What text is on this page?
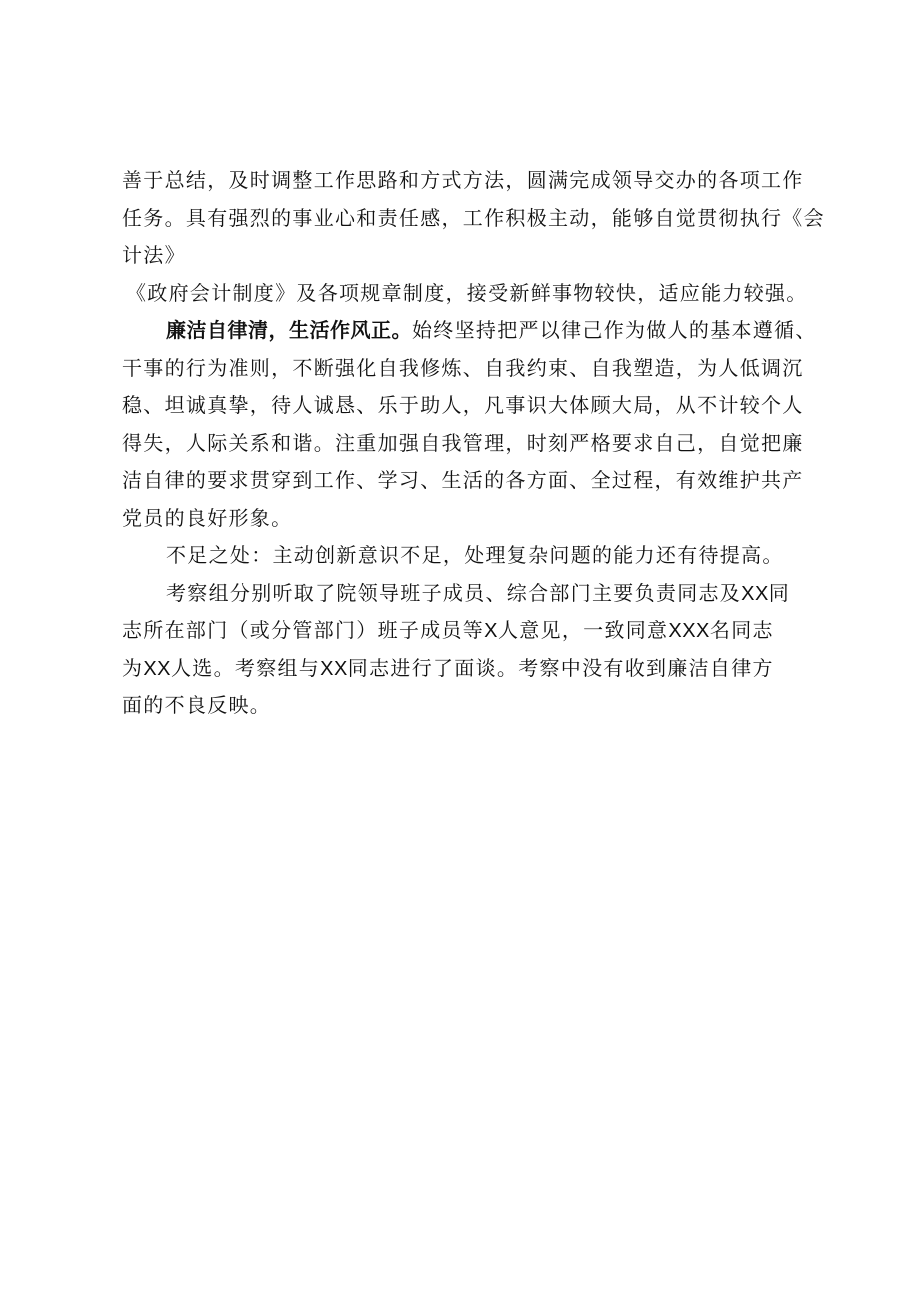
善于总结，及时调整工作思路和方式方法，圆满完成领导交办的各项工作
任务。具有强烈的事业心和责任感，工作积极主动，能够自觉贯彻执行《会
计法》
《政府会计制度》及各项规章制度，接受新鲜事物较快，适应能力较强。
廉洁自律清，生活作风正。始终坚持把严以律己作为做人的基本遵循、
干事的行为准则，不断强化自我修炼、自我约束、自我塑造，为人低调沉
稳、坦诚真挚，待人诚恳、乐于助人，凡事识大体顾大局，从不计较个人
得失，人际关系和谐。注重加强自我管理，时刻严格要求自己，自觉把廉
洁自律的要求贯穿到工作、学习、生活的各方面、全过程，有效维护共产
党员的良好形象。
不足之处：主动创新意识不足，处理复杂问题的能力还有待提高。
考察组分别听取了院领导班子成员、综合部门主要负责同志及XX同
志所在部门（或分管部门）班子成员等X人意见，一致同意XXX名同志
为XX人选。考察组与XX同志进行了面谈。考察中没有收到廉洁自律方
面的不良反映。
